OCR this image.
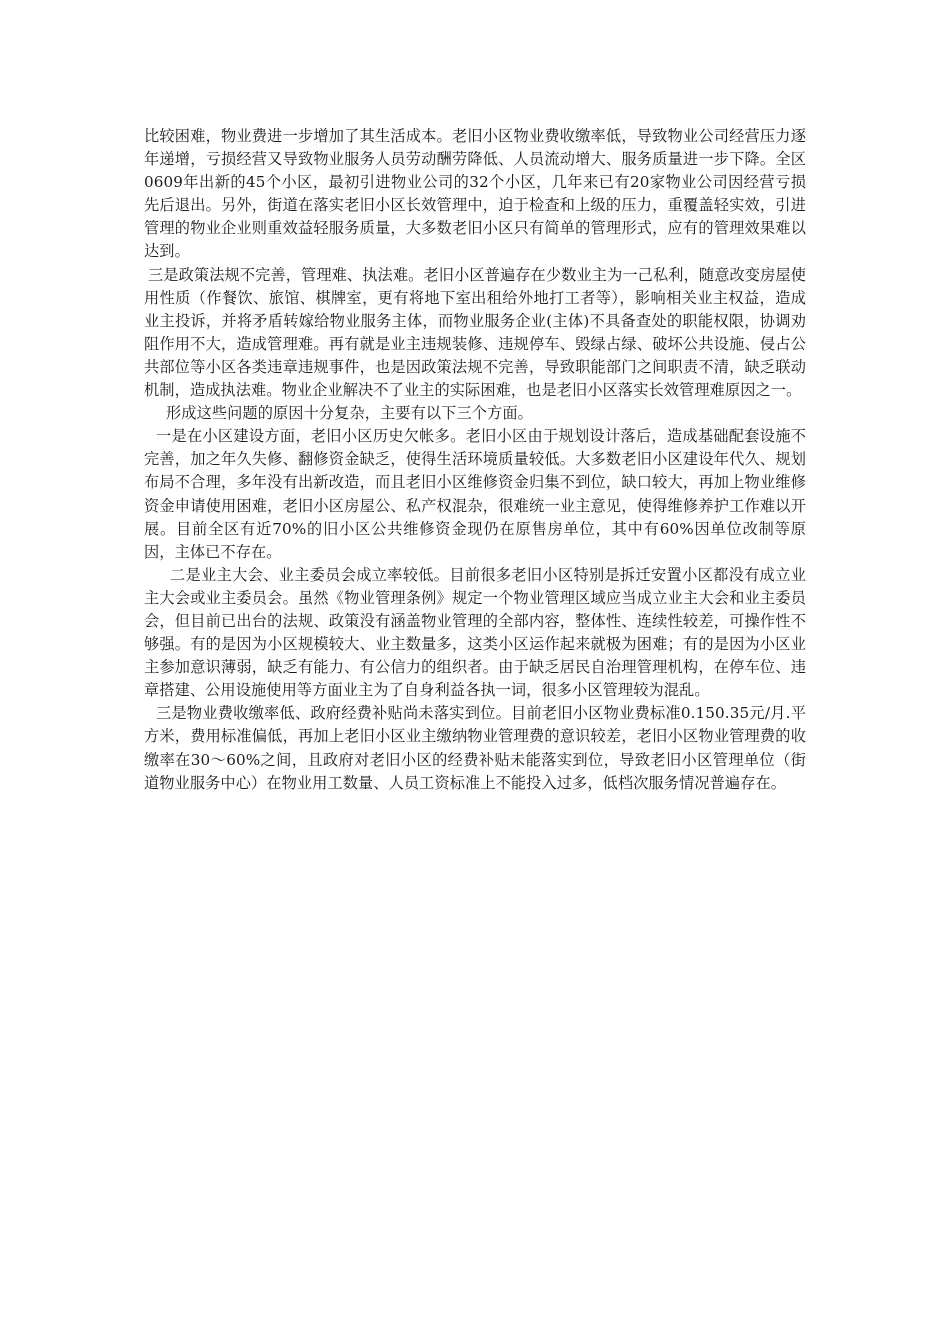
比较困难，物业费进一步增加了其生活成本。老旧小区物业费收缴率低，导致物业公司经营压力逐年递增，亏损经营又导致物业服务人员劳动酬劳降低、人员流动增大、服务质量进一步下降。全区0609年出新的45个小区，最初引进物业公司的32个小区，几年来已有20家物业公司因经营亏损先后退出。另外，街道在落实老旧小区长效管理中，迫于检查和上级的压力，重覆盖轻实效，引进管理的物业企业则重效益轻服务质量，大多数老旧小区只有简单的管理形式，应有的管理效果难以达到。

三是政策法规不完善，管理难、执法难。老旧小区普遍存在少数业主为一己私利，随意改变房屋使用性质（作餐饮、旅馆、棋牌室，更有将地下室出租给外地打工者等），影响相关业主权益，造成业主投诉，并将矛盾转嫁给物业服务主体，而物业服务企业(主体)不具备查处的职能权限，协调劝阻作用不大，造成管理难。再有就是业主违规装修、违规停车、毁绿占绿、破坏公共设施、侵占公共部位等小区各类违章违规事件，也是因政策法规不完善，导致职能部门之间职责不清，缺乏联动机制，造成执法难。物业企业解决不了业主的实际困难，也是老旧小区落实长效管理难原因之一。

形成这些问题的原因十分复杂，主要有以下三个方面。

一是在小区建设方面，老旧小区历史欠帐多。老旧小区由于规划设计落后，造成基础配套设施不完善，加之年久失修、翻修资金缺乏，使得生活环境质量较低。大多数老旧小区建设年代久、规划布局不合理，多年没有出新改造，而且老旧小区维修资金归集不到位，缺口较大，再加上物业维修资金申请使用困难，老旧小区房屋公、私产权混杂，很难统一业主意见，使得维修养护工作难以开展。目前全区有近70%的旧小区公共维修资金现仍在原售房单位，其中有60%因单位改制等原因，主体已不存在。

二是业主大会、业主委员会成立率较低。目前很多老旧小区特别是拆迁安置小区都没有成立业主大会或业主委员会。虽然《物业管理条例》规定一个物业管理区域应当成立业主大会和业主委员会，但目前已出台的法规、政策没有涵盖物业管理的全部内容，整体性、连续性较差，可操作性不够强。有的是因为小区规模较大、业主数量多，这类小区运作起来就极为困难；有的是因为小区业主参加意识薄弱，缺乏有能力、有公信力的组织者。由于缺乏居民自治理管理机构，在停车位、违章搭建、公用设施使用等方面业主为了自身利益各执一词，很多小区管理较为混乱。

三是物业费收缴率低、政府经费补贴尚未落实到位。目前老旧小区物业费标准0.150.35元/月.平方米，费用标准偏低，再加上老旧小区业主缴纳物业管理费的意识较差，老旧小区物业管理费的收缴率在30～60%之间，且政府对老旧小区的经费补贴未能落实到位，导致老旧小区管理单位（街道物业服务中心）在物业用工数量、人员工资标准上不能投入过多，低档次服务情况普遍存在。
